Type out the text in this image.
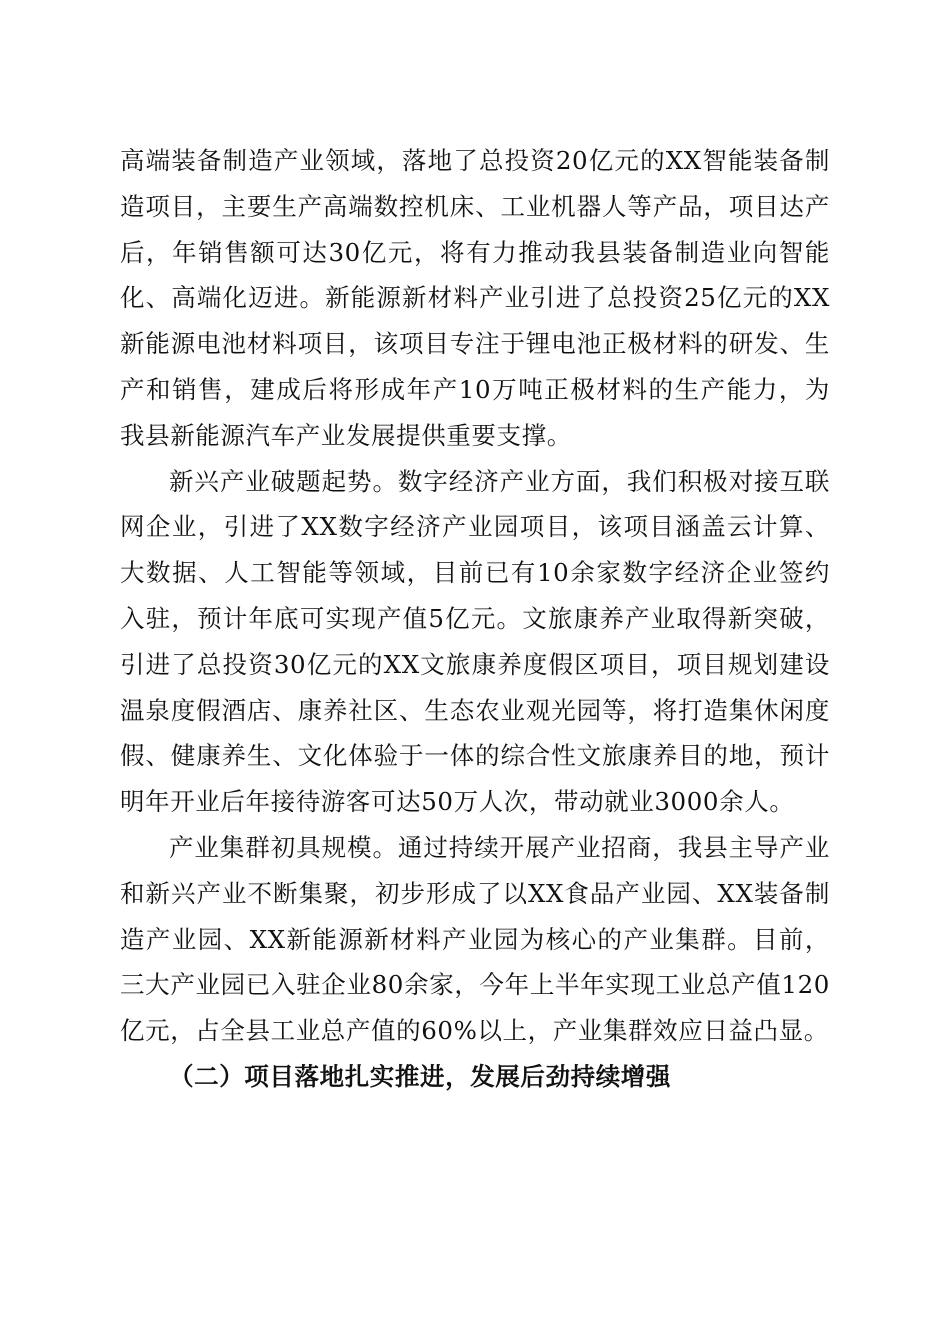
高端装备制造产业领域，落地了总投资20亿元的XX智能装备制造项目，主要生产高端数控机床、工业机器人等产品，项目达产后，年销售额可达30亿元，将有力推动我县装备制造业向智能化、高端化迈进。新能源新材料产业引进了总投资25亿元的XX新能源电池材料项目，该项目专注于锂电池正极材料的研发、生产和销售，建成后将形成年产10万吨正极材料的生产能力，为我县新能源汽车产业发展提供重要支撑。

新兴产业破题起势。数字经济产业方面，我们积极对接互联网企业，引进了XX数字经济产业园项目，该项目涵盖云计算、大数据、人工智能等领域，目前已有10余家数字经济企业签约入驻，预计年底可实现产值5亿元。文旅康养产业取得新突破，引进了总投资30亿元的XX文旅康养度假区项目，项目规划建设温泉度假酒店、康养社区、生态农业观光园等，将打造集休闲度假、健康养生、文化体验于一体的综合性文旅康养目的地，预计明年开业后年接待游客可达50万人次，带动就业3000余人。

产业集群初具规模。通过持续开展产业招商，我县主导产业和新兴产业不断集聚，初步形成了以XX食品产业园、XX装备制造产业园、XX新能源新材料产业园为核心的产业集群。目前，三大产业园已入驻企业80余家，今年上半年实现工业总产值120亿元，占全县工业总产值的60%以上，产业集群效应日益凸显。

（二）项目落地扎实推进，发展后劲持续增强
